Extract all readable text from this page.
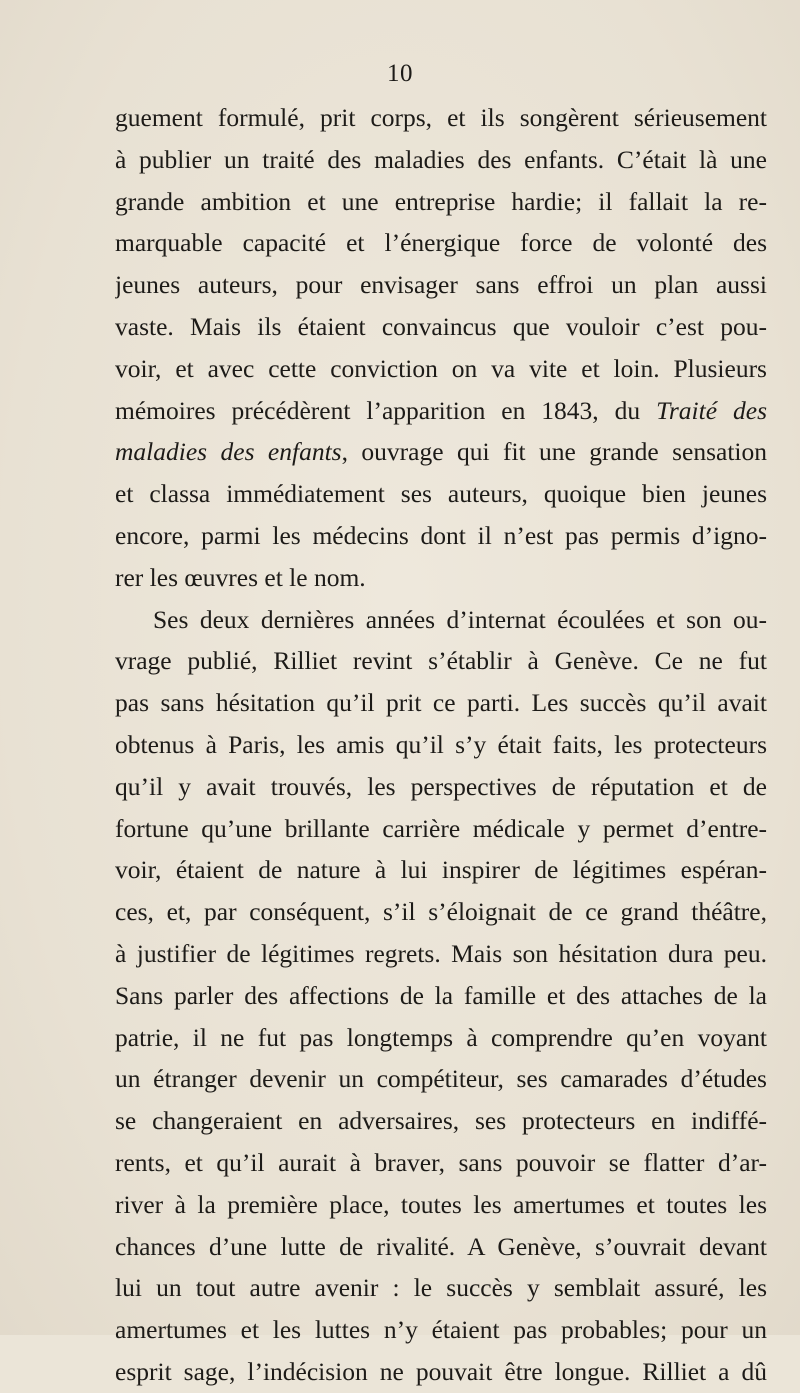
10
guement formulé, prit corps, et ils songèrent sérieusement
à publier un traité des maladies des enfants. C’était là une
grande ambition et une entreprise hardie; il fallait la re-
marquable capacité et l’énergique force de volonté des
jeunes auteurs, pour envisager sans effroi un plan aussi
vaste. Mais ils étaient convaincus que vouloir c’est pou-
voir, et avec cette conviction on va vite et loin. Plusieurs
mémoires précédèrent l’apparition en 1843, du Traité des
maladies des enfants, ouvrage qui fit une grande sensation
et classa immédiatement ses auteurs, quoique bien jeunes
encore, parmi les médecins dont il n’est pas permis d’igno-
rer les œuvres et le nom.
Ses deux dernières années d’internat écoulées et son ou-
vrage publié, Rilliet revint s’établir à Genève. Ce ne fut
pas sans hésitation qu’il prit ce parti. Les succès qu’il avait
obtenus à Paris, les amis qu’il s’y était faits, les protecteurs
qu’il y avait trouvés, les perspectives de réputation et de
fortune qu’une brillante carrière médicale y permet d’entre-
voir, étaient de nature à lui inspirer de légitimes espéran-
ces, et, par conséquent, s’il s’éloignait de ce grand théâtre,
à justifier de légitimes regrets. Mais son hésitation dura peu.
Sans parler des affections de la famille et des attaches de la
patrie, il ne fut pas longtemps à comprendre qu’en voyant
un étranger devenir un compétiteur, ses camarades d’études
se changeraient en adversaires, ses protecteurs en indiffé-
rents, et qu’il aurait à braver, sans pouvoir se flatter d’ar-
river à la première place, toutes les amertumes et toutes les
chances d’une lutte de rivalité. A Genève, s’ouvrait devant
lui un tout autre avenir : le succès y semblait assuré, les
amertumes et les luttes n’y étaient pas probables; pour un
esprit sage, l’indécision ne pouvait être longue. Rilliet a dû
